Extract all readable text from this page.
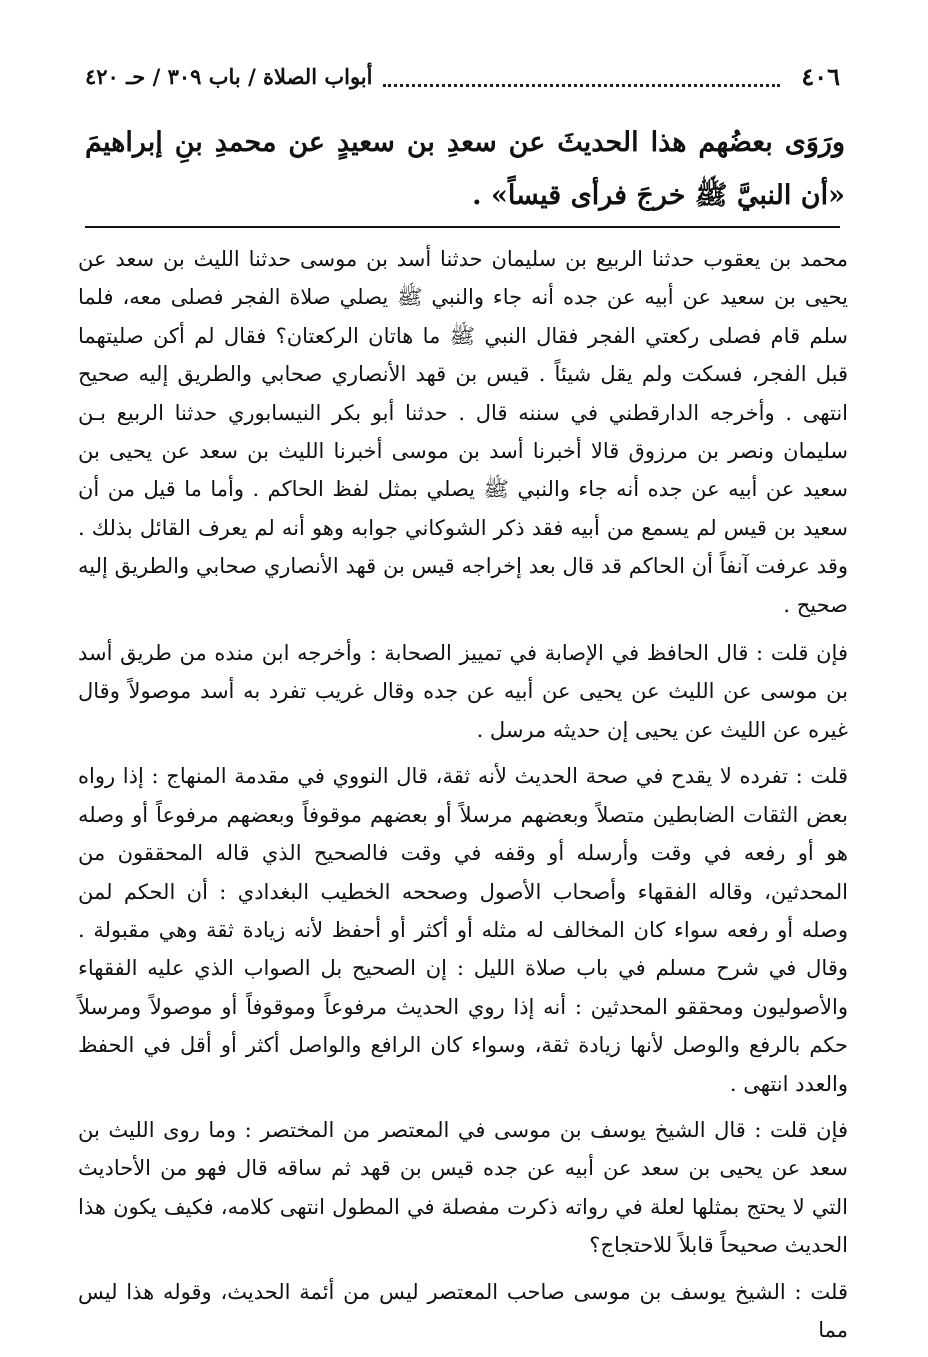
٤٠٦
أبواب الصلاة / باب ٣٠٩ / حـ ٤٢٠

ورَوَى بعضُهم هذا الحديثَ عن سعدِ بن سعيدٍ عن محمدِ بنِ إبراهيمَ «أن النبيَّ ﷺ خرجَ فرأى قيساً» .

محمد بن يعقوب حدثنا الربيع بن سليمان حدثنا أسد بن موسى حدثنا الليث بن سعد عن يحيى بن سعيد عن أبيه عن جده أنه جاء والنبي ﷺ يصلي صلاة الفجر فصلى معه، فلما سلم قام فصلى ركعتي الفجر فقال النبي ﷺ ما هاتان الركعتان؟ فقال لم أكن صليتهما قبل الفجر، فسكت ولم يقل شيئاً . قيس بن قهد الأنصاري صحابي والطريق إليه صحيح انتهى . وأخرجه الدارقطني في سننه قال . حدثنا أبو بكر النيسابوري حدثنا الربيع بـن سليمان ونصر بن مرزوق قالا أخبرنا أسد بن موسى أخبرنا الليث بن سعد عن يحيى بن سعيد عن أبيه عن جده أنه جاء والنبي ﷺ يصلي بمثل لفظ الحاكم . وأما ما قيل من أن سعيد بن قيس لم يسمع من أبيه فقد ذكر الشوكاني جوابه وهو أنه لم يعرف القائل بذلك . وقد عرفت آنفاً أن الحاكم قد قال بعد إخراجه قيس بن قهد الأنصاري صحابي والطريق إليه صحيح .

فإن قلت : قال الحافظ في الإصابة في تمييز الصحابة : وأخرجه ابن منده من طريق أسد بن موسى عن الليث عن يحيى عن أبيه عن جده وقال غريب تفرد به أسد موصولاً وقال غيره عن الليث عن يحيى إن حديثه مرسل .

قلت : تفرده لا يقدح في صحة الحديث لأنه ثقة، قال النووي في مقدمة المنهاج : إذا رواه بعض الثقات الضابطين متصلاً وبعضهم مرسلاً أو بعضهم موقوفاً وبعضهم مرفوعاً أو وصله هو أو رفعه في وقت وأرسله أو وقفه في وقت فالصحيح الذي قاله المحققون من المحدثين، وقاله الفقهاء وأصحاب الأصول وصححه الخطيب البغدادي : أن الحكم لمن وصله أو رفعه سواء كان المخالف له مثله أو أكثر أو أحفظ لأنه زيادة ثقة وهي مقبولة . وقال في شرح مسلم في باب صلاة الليل : إن الصحيح بل الصواب الذي عليه الفقهاء والأصوليون ومحققو المحدثين : أنه إذا روي الحديث مرفوعاً وموقوفاً أو موصولاً ومرسلاً حكم بالرفع والوصل لأنها زيادة ثقة، وسواء كان الرافع والواصل أكثر أو أقل في الحفظ والعدد انتهى .

فإن قلت : قال الشيخ يوسف بن موسى في المعتصر من المختصر : وما روى الليث بن سعد عن يحيى بن سعد عن أبيه عن جده قيس بن قهد ثم ساقه قال فهو من الأحاديث التي لا يحتج بمثلها لعلة في رواته ذكرت مفصلة في المطول انتهى كلامه، فكيف يكون هذا الحديث صحيحاً قابلاً للاحتجاج؟

قلت : الشيخ يوسف بن موسى صاحب المعتصر ليس من أئمة الحديث، وقوله هذا ليس مما
